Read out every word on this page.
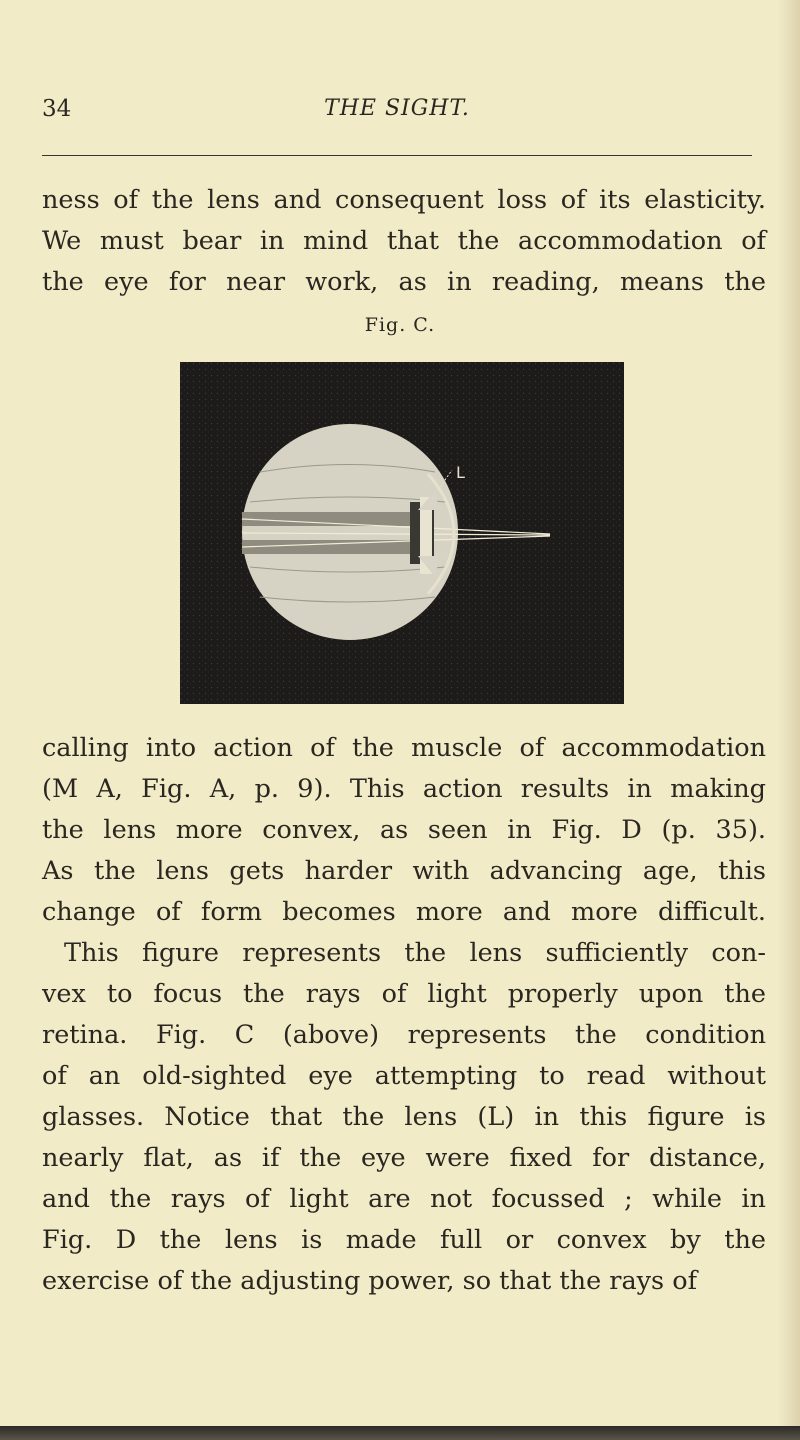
34	THE SIGHT.
ness of the lens and consequent loss of its elasticity.
We must bear in mind that the accommodation of
the eye for near work, as in reading, means the
Fig. C.
L
calling into action of the muscle of accommodation
(M A, Fig. A, p. 9). This action results in making
the lens more convex, as seen in Fig. D (p. 35).
As the lens gets harder with advancing age, this
change of form becomes more and more difficult.
This figure represents the lens sufficiently con-
vex to focus the rays of light properly upon the
retina. Fig. C (above) represents the condition
of an old-sighted eye attempting to read without
glasses. Notice that the lens (L) in this figure is
nearly flat, as if the eye were fixed for distance,
and the rays of light are not focussed ; while in
Fig. D the lens is made full or convex by the
exercise of the adjusting power, so that the rays of
